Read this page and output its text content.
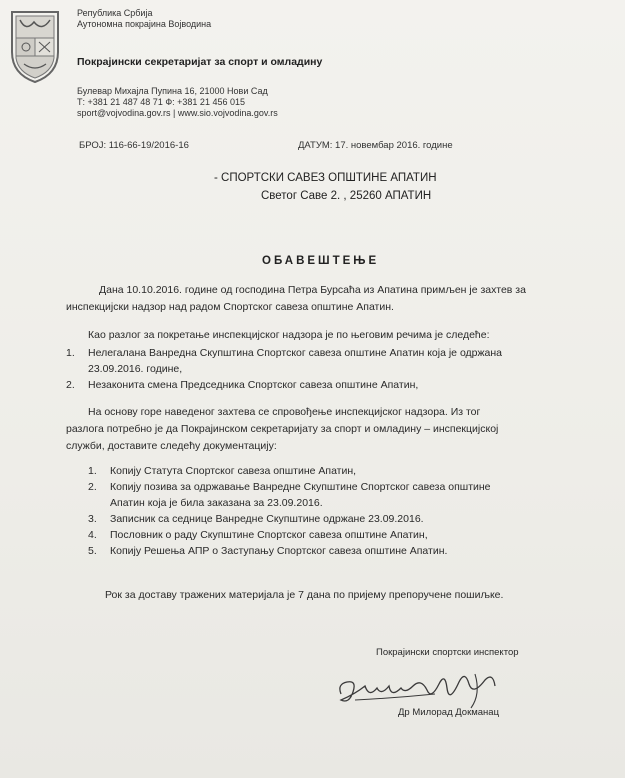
Република Србија
Аутономна покрајина Војводина
Покрајински секретаријат за спорт и омладину
Булевар Михајла Пупина 16, 21000 Нови Сад
Т: +381 21 487 48 71 Ф: +381 21 456 015
sport@vojvodina.gov.rs | www.sio.vojvodina.gov.rs
БРОЈ: 116-66-19/2016-16	ДАТУМ: 17. новембар 2016. године
- СПОРТСКИ САВЕЗ ОПШТИНЕ АПАТИН
Светог Саве 2. , 25260 АПАТИН
ОБАВЕШТЕЊЕ
Дана 10.10.2016. године од господина Петра Бурсаћа из Апатина примљен је захтев за
инспекцијски надзор над радом Спортског савеза општине Апатин.
Као разлог за покретање инспекцијског надзора је по његовим речима је следеће:
1. Нелегалана Ванредна Скупштина Спортског савеза општине Апатин која је одржана
23.09.2016. годинe,
2. Незаконита смена Председника Спортског савеза општине Апатин,
На основу горе наведеног захтева се спровођење инспекцијског надзора. Из тог
разлога потребно је да Покрајинском секретаријату за спорт и омладину – инспекцијској
служби, доставите следећу документацију:
1. Копију Статута Спортског савеза општине Апатин,
2. Копију позива за одржавање Ванредне Скупштине Спортског савеза општине
Апатин која је била заказана за 23.09.2016.
3. Записник са седнице Ванредне Скупштине одржане 23.09.2016.
4. Пословник о раду Скупштине Спортског савеза општине Апатин,
5. Копију Решења АПР о Заступању Спортског савеза општине Апатин.
Рок за доставу тражених материјала је 7 дана по пријему препоручене пошиљке.
Покрајински спортски инспектор
Др Милорад Докманац
